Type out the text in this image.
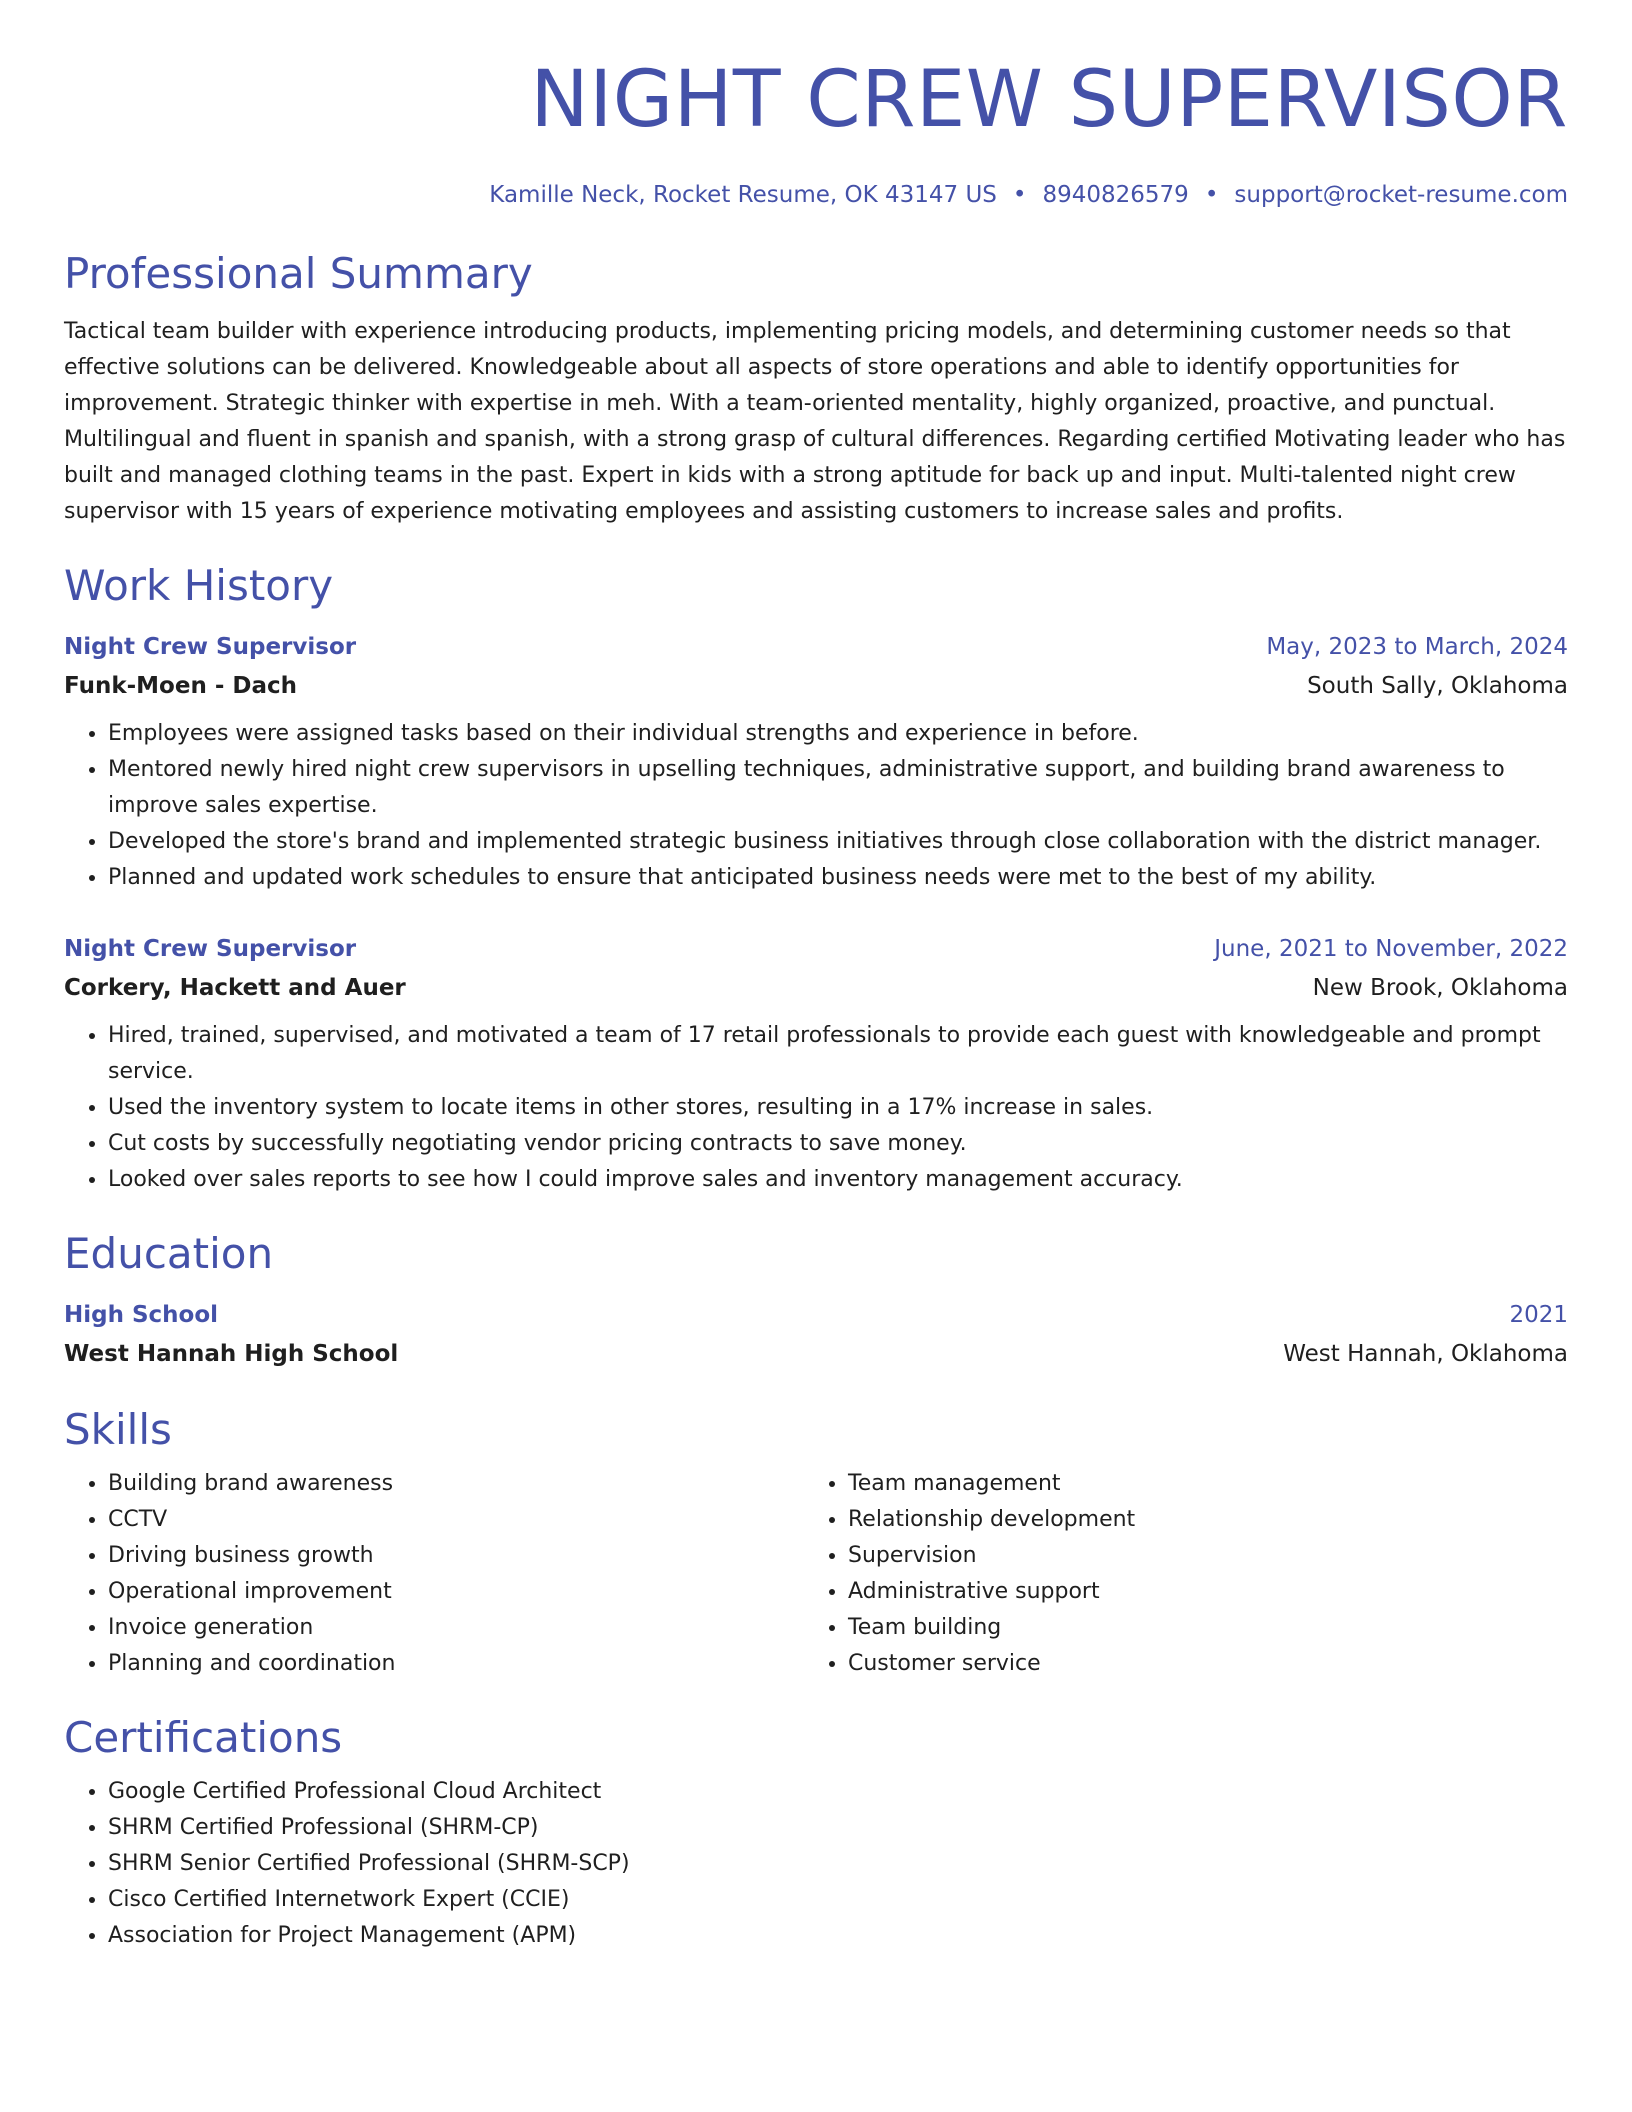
NIGHT CREW SUPERVISOR
Kamille Neck, Rocket Resume, OK 43147 US • 8940826579 • support@rocket-resume.com
Professional Summary
Tactical team builder with experience introducing products, implementing pricing models, and determining customer needs so that effective solutions can be delivered. Knowledgeable about all aspects of store operations and able to identify opportunities for improvement. Strategic thinker with expertise in meh. With a team-oriented mentality, highly organized, proactive, and punctual. Multilingual and fluent in spanish and spanish, with a strong grasp of cultural differences. Regarding certified Motivating leader who has built and managed clothing teams in the past. Expert in kids with a strong aptitude for back up and input. Multi-talented night crew supervisor with 15 years of experience motivating employees and assisting customers to increase sales and profits.
Work History
Night Crew Supervisor	May, 2023 to March, 2024
Funk-Moen - Dach	South Sally, Oklahoma
• Employees were assigned tasks based on their individual strengths and experience in before.
• Mentored newly hired night crew supervisors in upselling techniques, administrative support, and building brand awareness to improve sales expertise.
• Developed the store's brand and implemented strategic business initiatives through close collaboration with the district manager.
• Planned and updated work schedules to ensure that anticipated business needs were met to the best of my ability.
Night Crew Supervisor	June, 2021 to November, 2022
Corkery, Hackett and Auer	New Brook, Oklahoma
• Hired, trained, supervised, and motivated a team of 17 retail professionals to provide each guest with knowledgeable and prompt service.
• Used the inventory system to locate items in other stores, resulting in a 17% increase in sales.
• Cut costs by successfully negotiating vendor pricing contracts to save money.
• Looked over sales reports to see how I could improve sales and inventory management accuracy.
Education
High School	2021
West Hannah High School	West Hannah, Oklahoma
Skills
• Building brand awareness
• CCTV
• Driving business growth
• Operational improvement
• Invoice generation
• Planning and coordination
• Team management
• Relationship development
• Supervision
• Administrative support
• Team building
• Customer service
Certifications
• Google Certified Professional Cloud Architect
• SHRM Certified Professional (SHRM-CP)
• SHRM Senior Certified Professional (SHRM-SCP)
• Cisco Certified Internetwork Expert (CCIE)
• Association for Project Management (APM)
